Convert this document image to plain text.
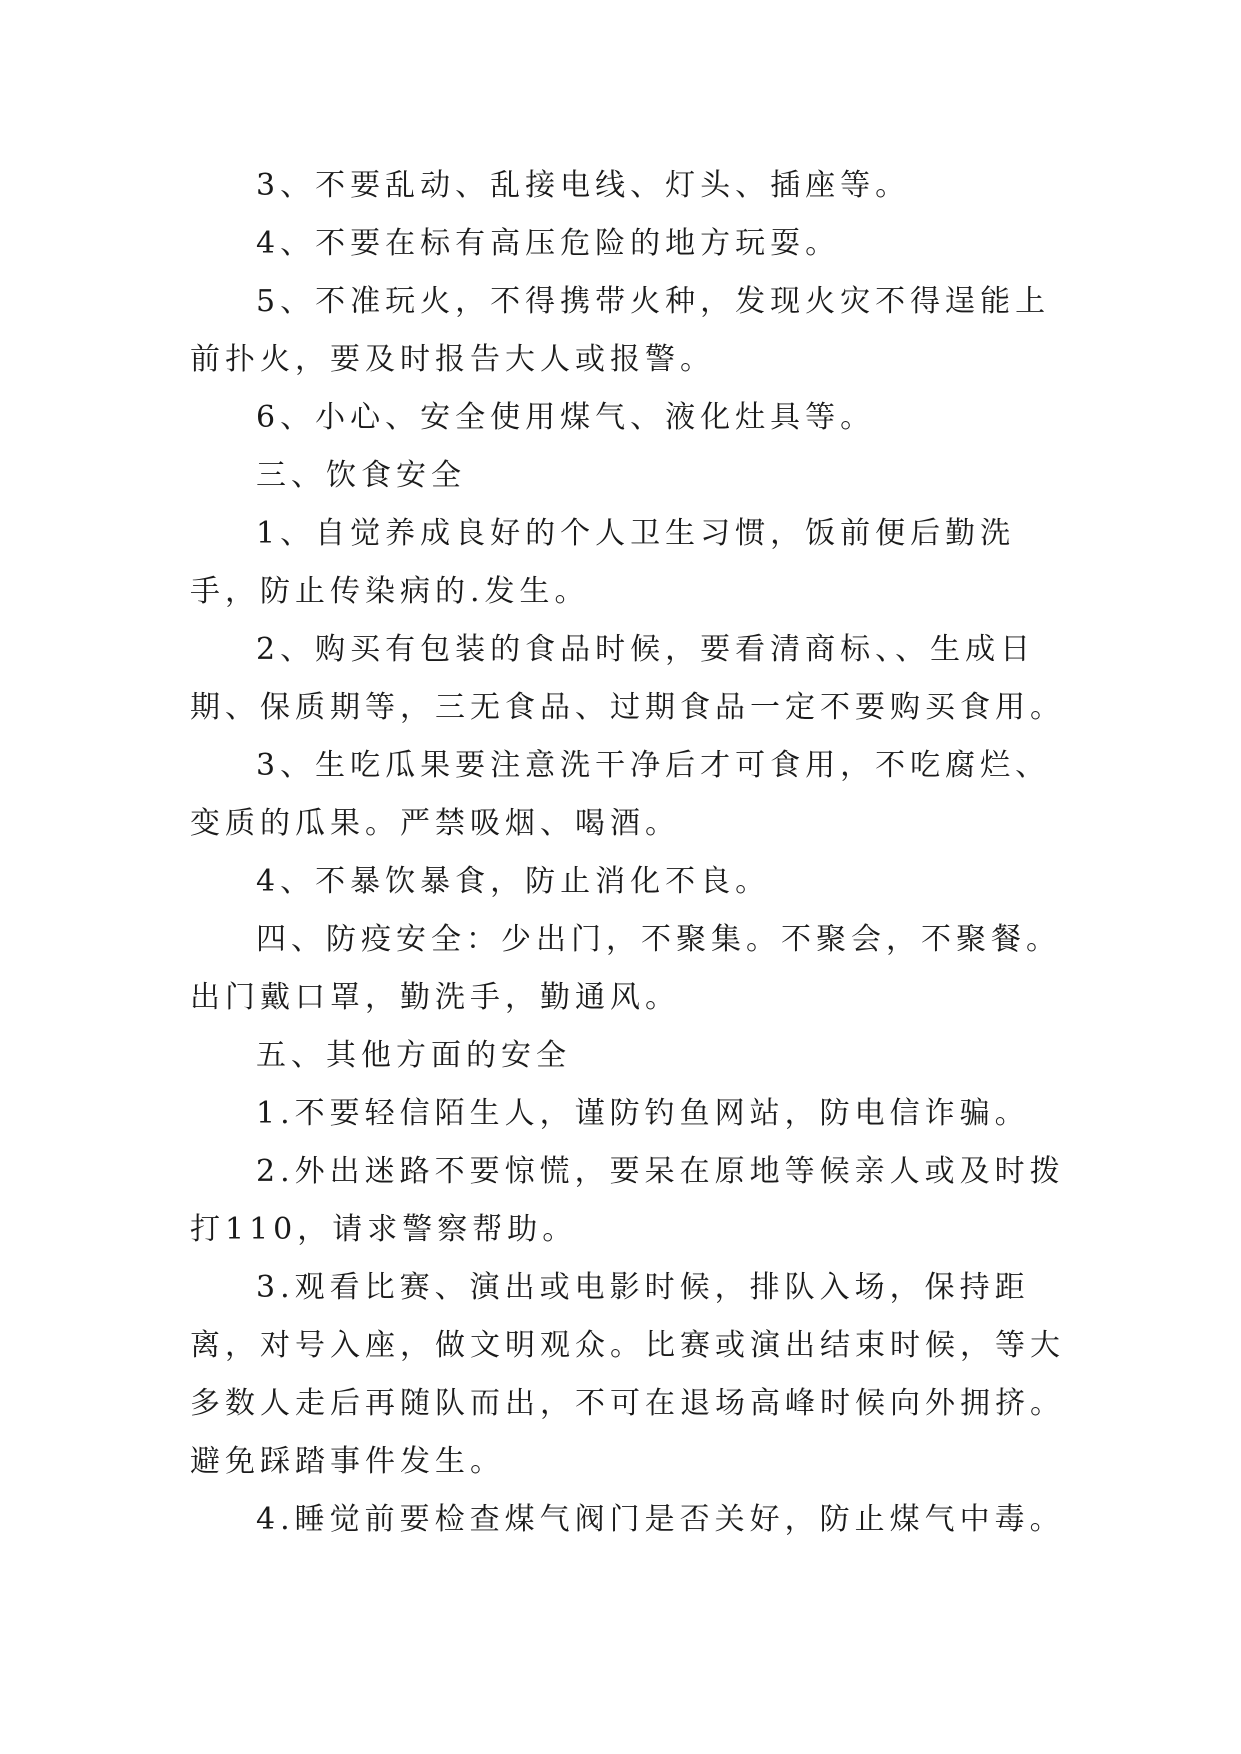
3、不要乱动、乱接电线、灯头、插座等。

4、不要在标有高压危险的地方玩耍。

5、不准玩火，不得携带火种，发现火灾不得逞能上前扑火，要及时报告大人或报警。

6、小心、安全使用煤气、液化灶具等。

三、饮食安全

1、自觉养成良好的个人卫生习惯，饭前便后勤洗手，防止传染病的.发生。

2、购买有包装的食品时候，要看清商标、、生成日期、保质期等，三无食品、过期食品一定不要购买食用。

3、生吃瓜果要注意洗干净后才可食用，不吃腐烂、变质的瓜果。严禁吸烟、喝酒。

4、不暴饮暴食，防止消化不良。

四、防疫安全：少出门，不聚集。不聚会，不聚餐。出门戴口罩，勤洗手，勤通风。

五、其他方面的安全

1.不要轻信陌生人，谨防钓鱼网站，防电信诈骗。

2.外出迷路不要惊慌，要呆在原地等候亲人或及时拨打110，请求警察帮助。

3.观看比赛、演出或电影时候，排队入场，保持距离，对号入座，做文明观众。比赛或演出结束时候，等大多数人走后再随队而出，不可在退场高峰时候向外拥挤。避免踩踏事件发生。

4.睡觉前要检查煤气阀门是否关好，防止煤气中毒。
